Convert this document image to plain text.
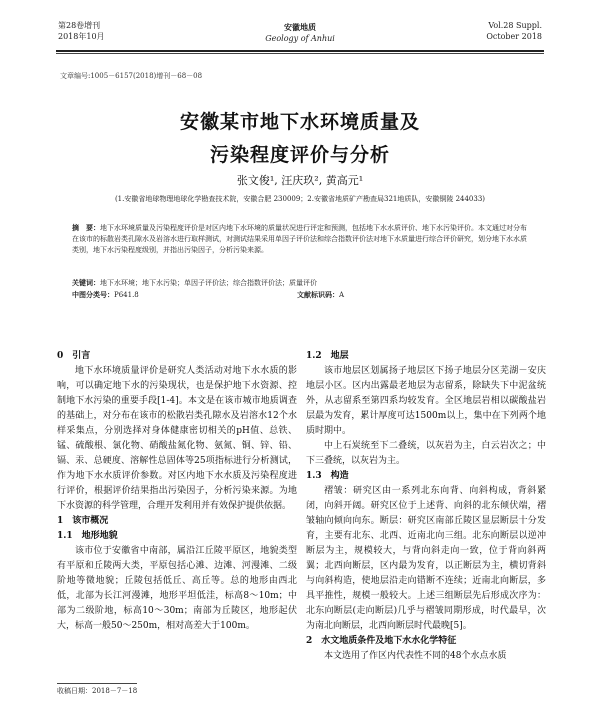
第28卷增刊
2018年10月
安徽地质
Geology of Anhui
Vol.28 Suppl.
October 2018
文章编号:1005－6157(2018)增刊－68－08
安徽某市地下水环境质量及
污染程度评价与分析
张文俊¹, 汪庆玖², 黄高元¹
(1.安徽省地球物理地球化学勘查技术院，安徽合肥 230009；2.安徽省地质矿产勘查局321地质队，安徽铜陵 244033)
摘　要：地下水环境质量及污染程度评价是对区内地下水环境的质量状况进行评定和预测，包括地下水水质评价、地下水污染评价。本文通过对分布在该市的标散岩类孔隙水及岩溶水进行取样测试，对测试结果采用单因子评价法和综合指数评价法对地下水质量进行综合评价研究，划分地下水水质类别，地下水污染程度级别，并指出污染因子，分析污染来源。
关键词：地下水环境；地下水污染；单因子评价法；综合指数评价法；质量评价
中图分类号：P641.8	文献标识码：A

0　引言

地下水环境质量评价是研究人类活动对地下水水质的影响，可以确定地下水的污染现状，也是保护地下水资源、控制地下水污染的重要手段[1-4]。本文是在该市城市地质调查的基础上，对分布在该市的松散岩类孔隙水及岩溶水12个水样采集点，分别选择对身体健康密切相关的pH值、总铁、锰、硫酸根、氯化物、硝酸盐氮化物、氨氮、铜、锌、铅、镉、汞、总硬度、溶解性总固体等25项指标进行分析测试，作为地下水水质评价参数。对区内地下水水质及污染程度进行评价，根据评价结果指出污染因子，分析污染来源。为地下水资源的科学管理，合理开发利用并有效保护提供依据。

1　该市概况

1.1　地形地貌

该市位于安徽省中南部，属沿江丘陵平原区，地貌类型有平原和丘陵两大类，平原包括心滩、边滩、河漫滩、二级阶地等微地貌；丘陵包括低丘、高丘等。总的地形由西北低，北部为长江河漫滩，地形平坦低洼，标高8～10m；中部为二级阶地，标高10～30m；南部为丘陵区，地形起伏大，标高一般50～250m，相对高差大于100m。

1.2　地层

该市地层区划属扬子地层区下扬子地层分区芜湖－安庆地层小区。区内出露最老地层为志留系，除缺失下中泥盆统外，从志留系至第四系均较发育。全区地层岩相以碳酸盐岩层最为发育，累计厚度可达1500m以上，集中在下列两个地质时期中。

中上石炭统至下二叠统，以灰岩为主，白云岩次之；中下三叠统，以灰岩为主。

1.3　构造

褶皱：研究区由一系列北东向背、向斜构成，背斜紧闭，向斜开阔。研究区位于上述背、向斜的北东倾伏端，褶皱轴向倾向向东。断层：研究区南部丘陵区显层断层十分发育，主要有北东、北西、近南北向三组。北东向断层以逆冲断层为主，规模较大，与背向斜走向一致，位于背向斜两翼；北西向断层，区内最为发育，以正断层为主，横切背斜与向斜构造，使地层沿走向错断不连续；近南北向断层，多具平推性，规模一般较大。上述三组断层先后形成次序为：北东向断层(走向断层)几乎与褶皱同期形成，时代最早，次为南北向断层，北西向断层时代最晚[5]。

2　水文地质条件及地下水水化学特征

本文选用了作区内代表性不同的48个水点水质

收稿日期：2018－7－18
